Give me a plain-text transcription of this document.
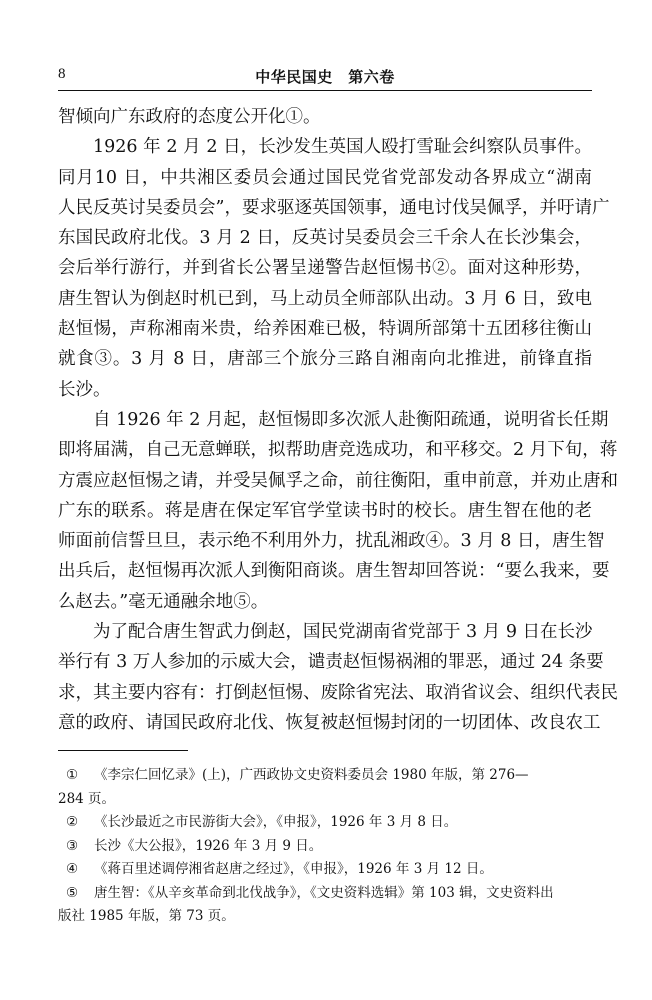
8	中华民国史　第六卷

智倾向广东政府的态度公开化①。

1926 年 2 月 2 日，长沙发生英国人殴打雪耻会纠察队员事件。
同月10 日，中共湘区委员会通过国民党省党部发动各界成立“湖南
人民反英讨吴委员会”，要求驱逐英国领事，通电讨伐吴佩孚，并吁请广
东国民政府北伐。3 月 2 日，反英讨吴委员会三千余人在长沙集会，
会后举行游行，并到省长公署呈递警告赵恒惕书②。面对这种形势，
唐生智认为倒赵时机已到，马上动员全师部队出动。3 月 6 日，致电
赵恒惕，声称湘南米贵，给养困难已极，特调所部第十五团移往衡山
就食③。3 月 8 日，唐部三个旅分三路自湘南向北推进，前锋直指
长沙。

自 1926 年 2 月起，赵恒惕即多次派人赴衡阳疏通，说明省长任期
即将届满，自己无意蝉联，拟帮助唐竞选成功，和平移交。2 月下旬，蒋
方震应赵恒惕之请，并受吴佩孚之命，前往衡阳，重申前意，并劝止唐和
广东的联系。蒋是唐在保定军官学堂读书时的校长。唐生智在他的老
师面前信誓旦旦，表示绝不利用外力，扰乱湘政④。3 月 8 日，唐生智
出兵后，赵恒惕再次派人到衡阳商谈。唐生智却回答说：“要么我来，要
么赵去。”毫无通融余地⑤。

为了配合唐生智武力倒赵，国民党湖南省党部于 3 月 9 日在长沙
举行有 3 万人参加的示威大会，谴责赵恒惕祸湘的罪恶，通过 24 条要
求，其主要内容有：打倒赵恒惕、废除省宪法、取消省议会、组织代表民
意的政府、请国民政府北伐、恢复被赵恒惕封闭的一切团体、改良农工

① 《李宗仁回忆录》(上)，广西政协文史资料委员会 1980 年版，第 276—
284 页。
② 《长沙最近之市民游街大会》，《申报》，1926 年 3 月 8 日。
③ 长沙《大公报》，1926 年 3 月 9 日。
④ 《蒋百里述调停湘省赵唐之经过》，《申报》，1926 年 3 月 12 日。
⑤ 唐生智：《从辛亥革命到北伐战争》，《文史资料选辑》第 103 辑，文史资料出
版社 1985 年版，第 73 页。
